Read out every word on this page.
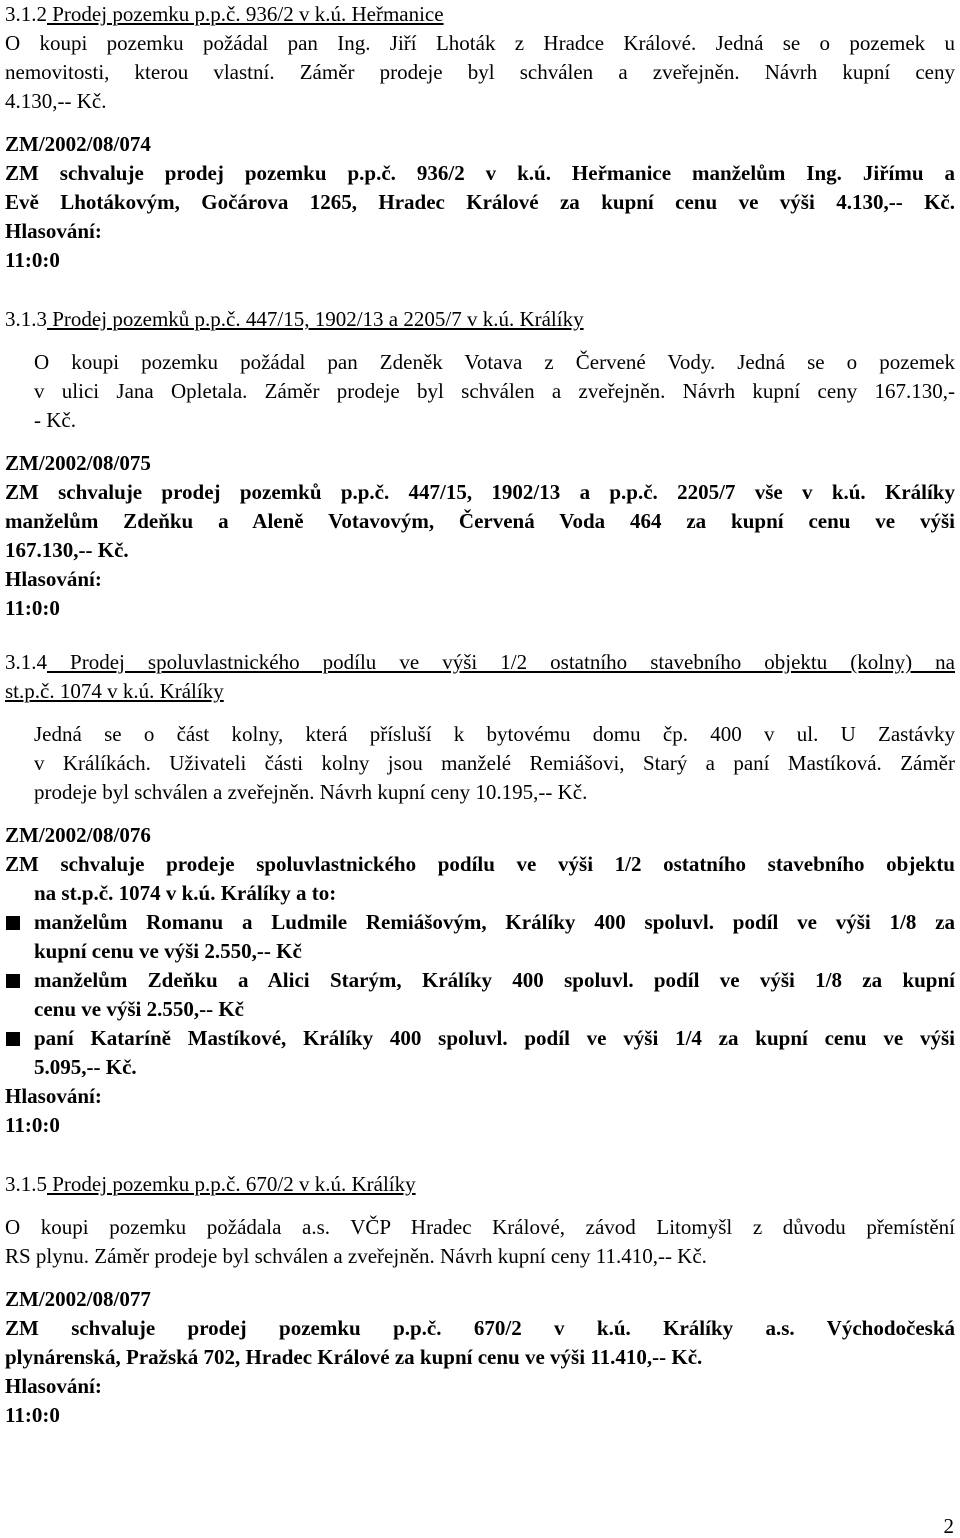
3.1.2 Prodej pozemku p.p.č. 936/2 v k.ú. Heřmanice
O koupi pozemku požádal pan Ing. Jiří Lhoták z Hradce Králové. Jedná se o pozemek u
nemovitosti, kterou vlastní. Záměr prodeje byl schválen a zveřejněn. Návrh kupní ceny
4.130,-- Kč.
ZM/2002/08/074
ZM schvaluje prodej pozemku p.p.č. 936/2 v k.ú. Heřmanice manželům Ing. Jiřímu a
Evě Lhotákovým, Gočárova 1265, Hradec Králové za kupní cenu ve výši 4.130,-- Kč.
Hlasování:
11:0:0
3.1.3 Prodej pozemků p.p.č. 447/15, 1902/13 a 2205/7 v k.ú. Králíky
O koupi pozemku požádal pan Zdeněk Votava z Červené Vody. Jedná se o pozemek
v ulici Jana Opletala. Záměr prodeje byl schválen a zveřejněn. Návrh kupní ceny 167.130,-
- Kč.
ZM/2002/08/075
ZM schvaluje prodej pozemků p.p.č. 447/15, 1902/13 a p.p.č. 2205/7 vše v k.ú. Králíky
manželům Zdeňku a Aleně Votavovým, Červená Voda 464 za kupní cenu ve výši
167.130,-- Kč.
Hlasování:
11:0:0
3.1.4 Prodej spoluvlastnického podílu ve výši 1/2 ostatního stavebního objektu (kolny) na
st.p.č. 1074 v k.ú. Králíky
Jedná se o část kolny, která přísluší k bytovému domu čp. 400 v ul. U Zastávky
v Králíkách. Uživateli části kolny jsou manželé Remiášovi, Starý a paní Mastíková. Záměr
prodeje byl schválen a zveřejněn. Návrh kupní ceny 10.195,-- Kč.
ZM/2002/08/076
ZM schvaluje prodeje spoluvlastnického podílu ve výši 1/2 ostatního stavebního objektu
na st.p.č. 1074 v k.ú. Králíky a to:
manželům Romanu a Ludmile Remiášovým, Králíky 400 spoluvl. podíl ve výši 1/8 za
kupní cenu ve výši 2.550,-- Kč
manželům Zdeňku a Alici Starým, Králíky 400 spoluvl. podíl ve výši 1/8 za kupní
cenu ve výši 2.550,-- Kč
paní Kataríně Mastíkové, Králíky 400 spoluvl. podíl ve výši 1/4 za kupní cenu ve výši
5.095,-- Kč.
Hlasování:
11:0:0
3.1.5 Prodej pozemku p.p.č. 670/2 v k.ú. Králíky
O koupi pozemku požádala a.s. VČP Hradec Králové, závod Litomyšl z důvodu přemístění
RS plynu. Záměr prodeje byl schválen a zveřejněn. Návrh kupní ceny 11.410,-- Kč.
ZM/2002/08/077
ZM schvaluje prodej pozemku p.p.č. 670/2 v k.ú. Králíky a.s. Východočeská
plynárenská, Pražská 702, Hradec Králové za kupní cenu ve výši 11.410,-- Kč.
Hlasování:
11:0:0
2
